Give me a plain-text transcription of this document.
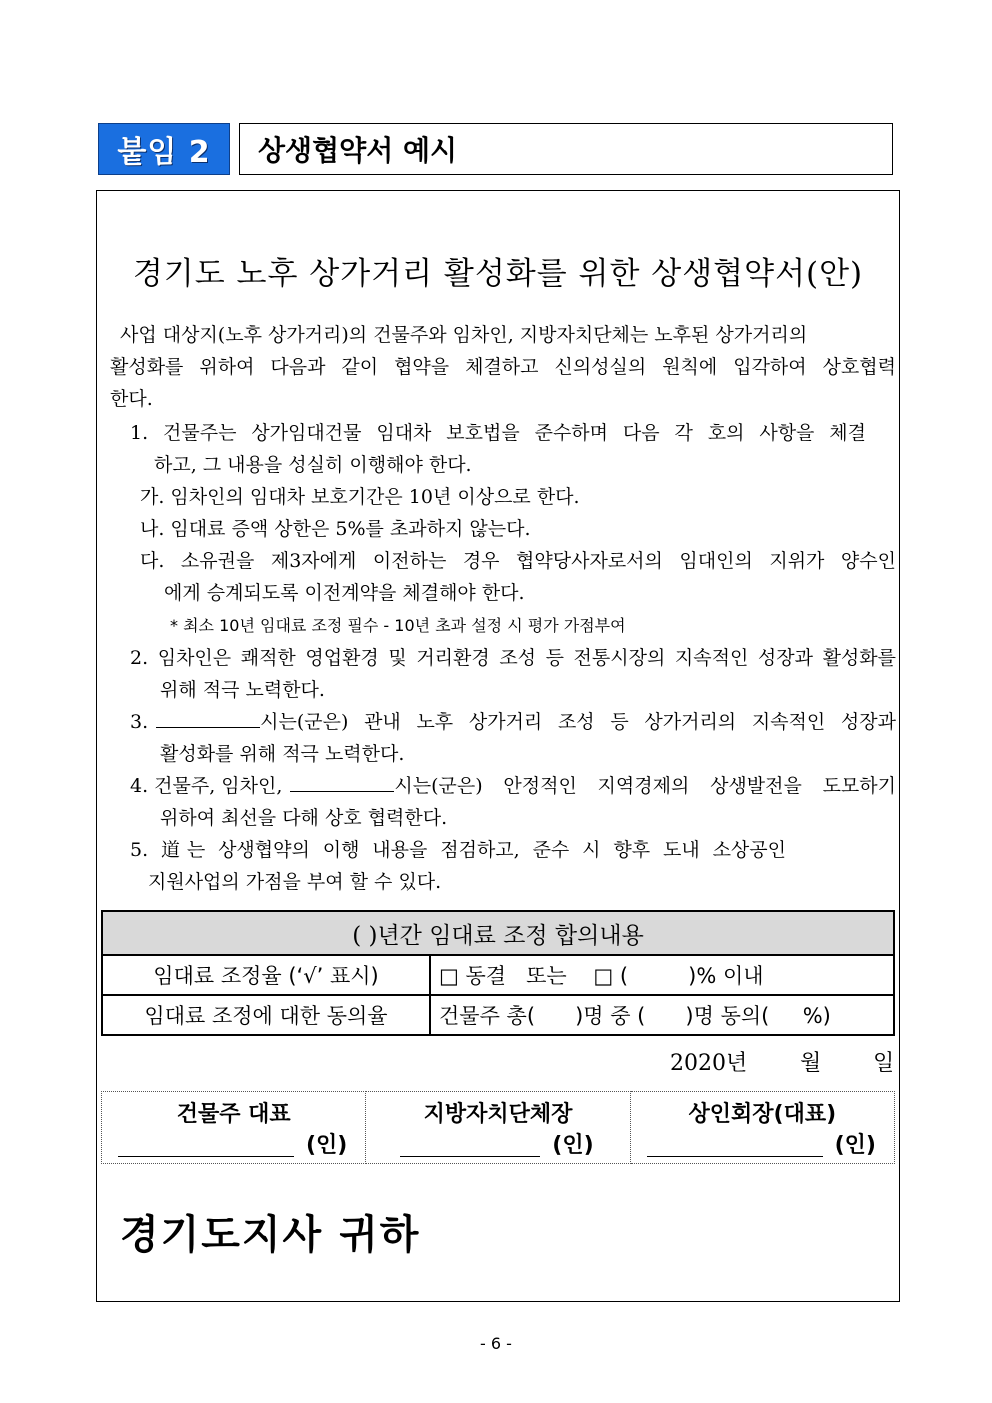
붙임 2	상생협약서 예시
경기도 노후 상가거리 활성화를 위한 상생협약서(안)
사업 대상지(노후 상가거리)의 건물주와 임차인, 지방자치단체는 노후된 상가거리의
활성화를 위하여 다음과 같이 협약을 체결하고 신의성실의 원칙에 입각하여 상호협력
한다.
1. 건물주는 상가임대건물 임대차 보호법을 준수하며 다음 각 호의 사항을 체결
하고, 그 내용을 성실히 이행해야 한다.
가. 임차인의 임대차 보호기간은 10년 이상으로 한다.
나. 임대료 증액 상한은 5%를 초과하지 않는다.
다. 소유권을 제3자에게 이전하는 경우 협약당사자로서의 임대인의 지위가 양수인
에게 승계되도록 이전계약을 체결해야 한다.
* 최소 10년 임대료 조정 필수 - 10년 초과 설정 시 평가 가점부여
2. 임차인은 쾌적한 영업환경 및 거리환경 조성 등 전통시장의 지속적인 성장과 활성화를
위해 적극 노력한다.
3.	시는(군은) 관내 노후 상가거리 조성 등 상가거리의 지속적인 성장과
활성화를 위해 적극 노력한다.
4. 건물주, 임차인,	시는(군은) 안정적인 지역경제의 상생발전을 도모하기
위하여 최선을 다해 상호 협력한다.
5. 道는 상생협약의 이행 내용을 점검하고, 준수 시 향후 도내 소상공인
지원사업의 가점을 부여 할 수 있다.
( )년간 임대료 조정 합의내용	
임대료 조정율 (‘√’ 표시)	□ 동결   또는    □ (         )% 이내
임대료 조정에 대한 동의율	건물주 총(      )명 중 (      )명 동의(     %)
2020년 월 일
건물주 대표
(인)

지방자치단체장
(인)

상인회장(대표)
(인)
경기도지사 귀하
- 6 -
